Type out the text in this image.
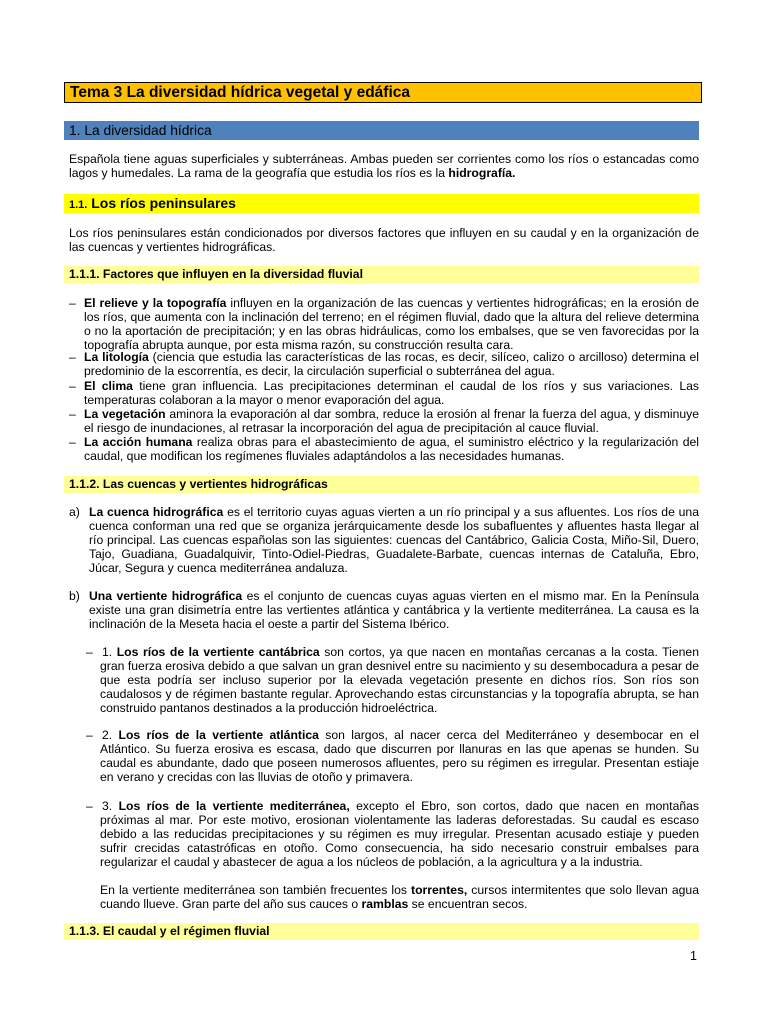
Tema 3 La diversidad hídrica vegetal y edáfica
1. La diversidad hídrica

Española tiene aguas superficiales y subterráneas. Ambas pueden ser corrientes como los ríos o estancadas como lagos y humedales. La rama de la geografía que estudia los ríos es la hidrografía.

1.1. Los ríos peninsulares

Los ríos peninsulares están condicionados por diversos factores que influyen en su caudal y en la organización de las cuencas y vertientes hidrográficas.

1.1.1. Factores que influyen en la diversidad fluvial
– El relieve y la topografía influyen en la organización de las cuencas y vertientes hidrográficas; en la erosión de los ríos, que aumenta con la inclinación del terreno; en el régimen fluvial, dado que la altura del relieve determina o no la aportación de precipitación; y en las obras hidráulicas, como los embalses, que se ven favorecidas por la topografía abrupta aunque, por esta misma razón, su construcción resulta cara.
– La litología (ciencia que estudia las características de las rocas, es decir, silíceo, calizo o arcilloso) determina el predominio de la escorrentía, es decir, la circulación superficial o subterránea del agua.
– El clima tiene gran influencia. Las precipitaciones determinan el caudal de los ríos y sus variaciones. Las temperaturas colaboran a la mayor o menor evaporación del agua.
– La vegetación aminora la evaporación al dar sombra, reduce la erosión al frenar la fuerza del agua, y disminuye el riesgo de inundaciones, al retrasar la incorporación del agua de precipitación al cauce fluvial.
– La acción humana realiza obras para el abastecimiento de agua, el suministro eléctrico y la regularización del caudal, que modifican los regímenes fluviales adaptándolos a las necesidades humanas.
1.1.2. Las cuencas y vertientes hidrográficas
a) La cuenca hidrográfica es el territorio cuyas aguas vierten a un río principal y a sus afluentes. Los ríos de una cuenca conforman una red que se organiza jerárquicamente desde los subafluentes y afluentes hasta llegar al río principal. Las cuencas españolas son las siguientes: cuencas del Cantábrico, Galicia Costa, Miño-Sil, Duero, Tajo, Guadiana, Guadalquivir, Tinto-Odiel-Piedras, Guadalete-Barbate, cuencas internas de Cataluña, Ebro, Júcar, Segura y cuenca mediterránea andaluza.
b) Una vertiente hidrográfica es el conjunto de cuencas cuyas aguas vierten en el mismo mar. En la Península existe una gran disimetría entre las vertientes atlántica y cantábrica y la vertiente mediterránea. La causa es la inclinación de la Meseta hacia el oeste a partir del Sistema Ibérico.
– 1. Los ríos de la vertiente cantábrica son cortos, ya que nacen en montañas cercanas a la costa. Tienen gran fuerza erosiva debido a que salvan un gran desnivel entre su nacimiento y su desembocadura a pesar de que esta podría ser incluso superior por la elevada vegetación presente en dichos ríos. Son ríos son caudalosos y de régimen bastante regular. Aprovechando estas circunstancias y la topografía abrupta, se han construido pantanos destinados a la producción hidroeléctrica.
– 2. Los ríos de la vertiente atlántica son largos, al nacer cerca del Mediterráneo y desembocar en el Atlántico. Su fuerza erosiva es escasa, dado que discurren por llanuras en las que apenas se hunden. Su caudal es abundante, dado que poseen numerosos afluentes, pero su régimen es irregular. Presentan estiaje en verano y crecidas con las lluvias de otoño y primavera.
– 3. Los ríos de la vertiente mediterránea, excepto el Ebro, son cortos, dado que nacen en montañas próximas al mar. Por este motivo, erosionan violentamente las laderas deforestadas. Su caudal es escaso debido a las reducidas precipitaciones y su régimen es muy irregular. Presentan acusado estiaje y pueden sufrir crecidas catastróficas en otoño. Como consecuencia, ha sido necesario construir embalses para regularizar el caudal y abastecer de agua a los núcleos de población, a la agricultura y a la industria.
En la vertiente mediterránea son también frecuentes los torrentes, cursos intermitentes que solo llevan agua cuando llueve. Gran parte del año sus cauces o ramblas se encuentran secos.
1.1.3. El caudal y el régimen fluvial
1
